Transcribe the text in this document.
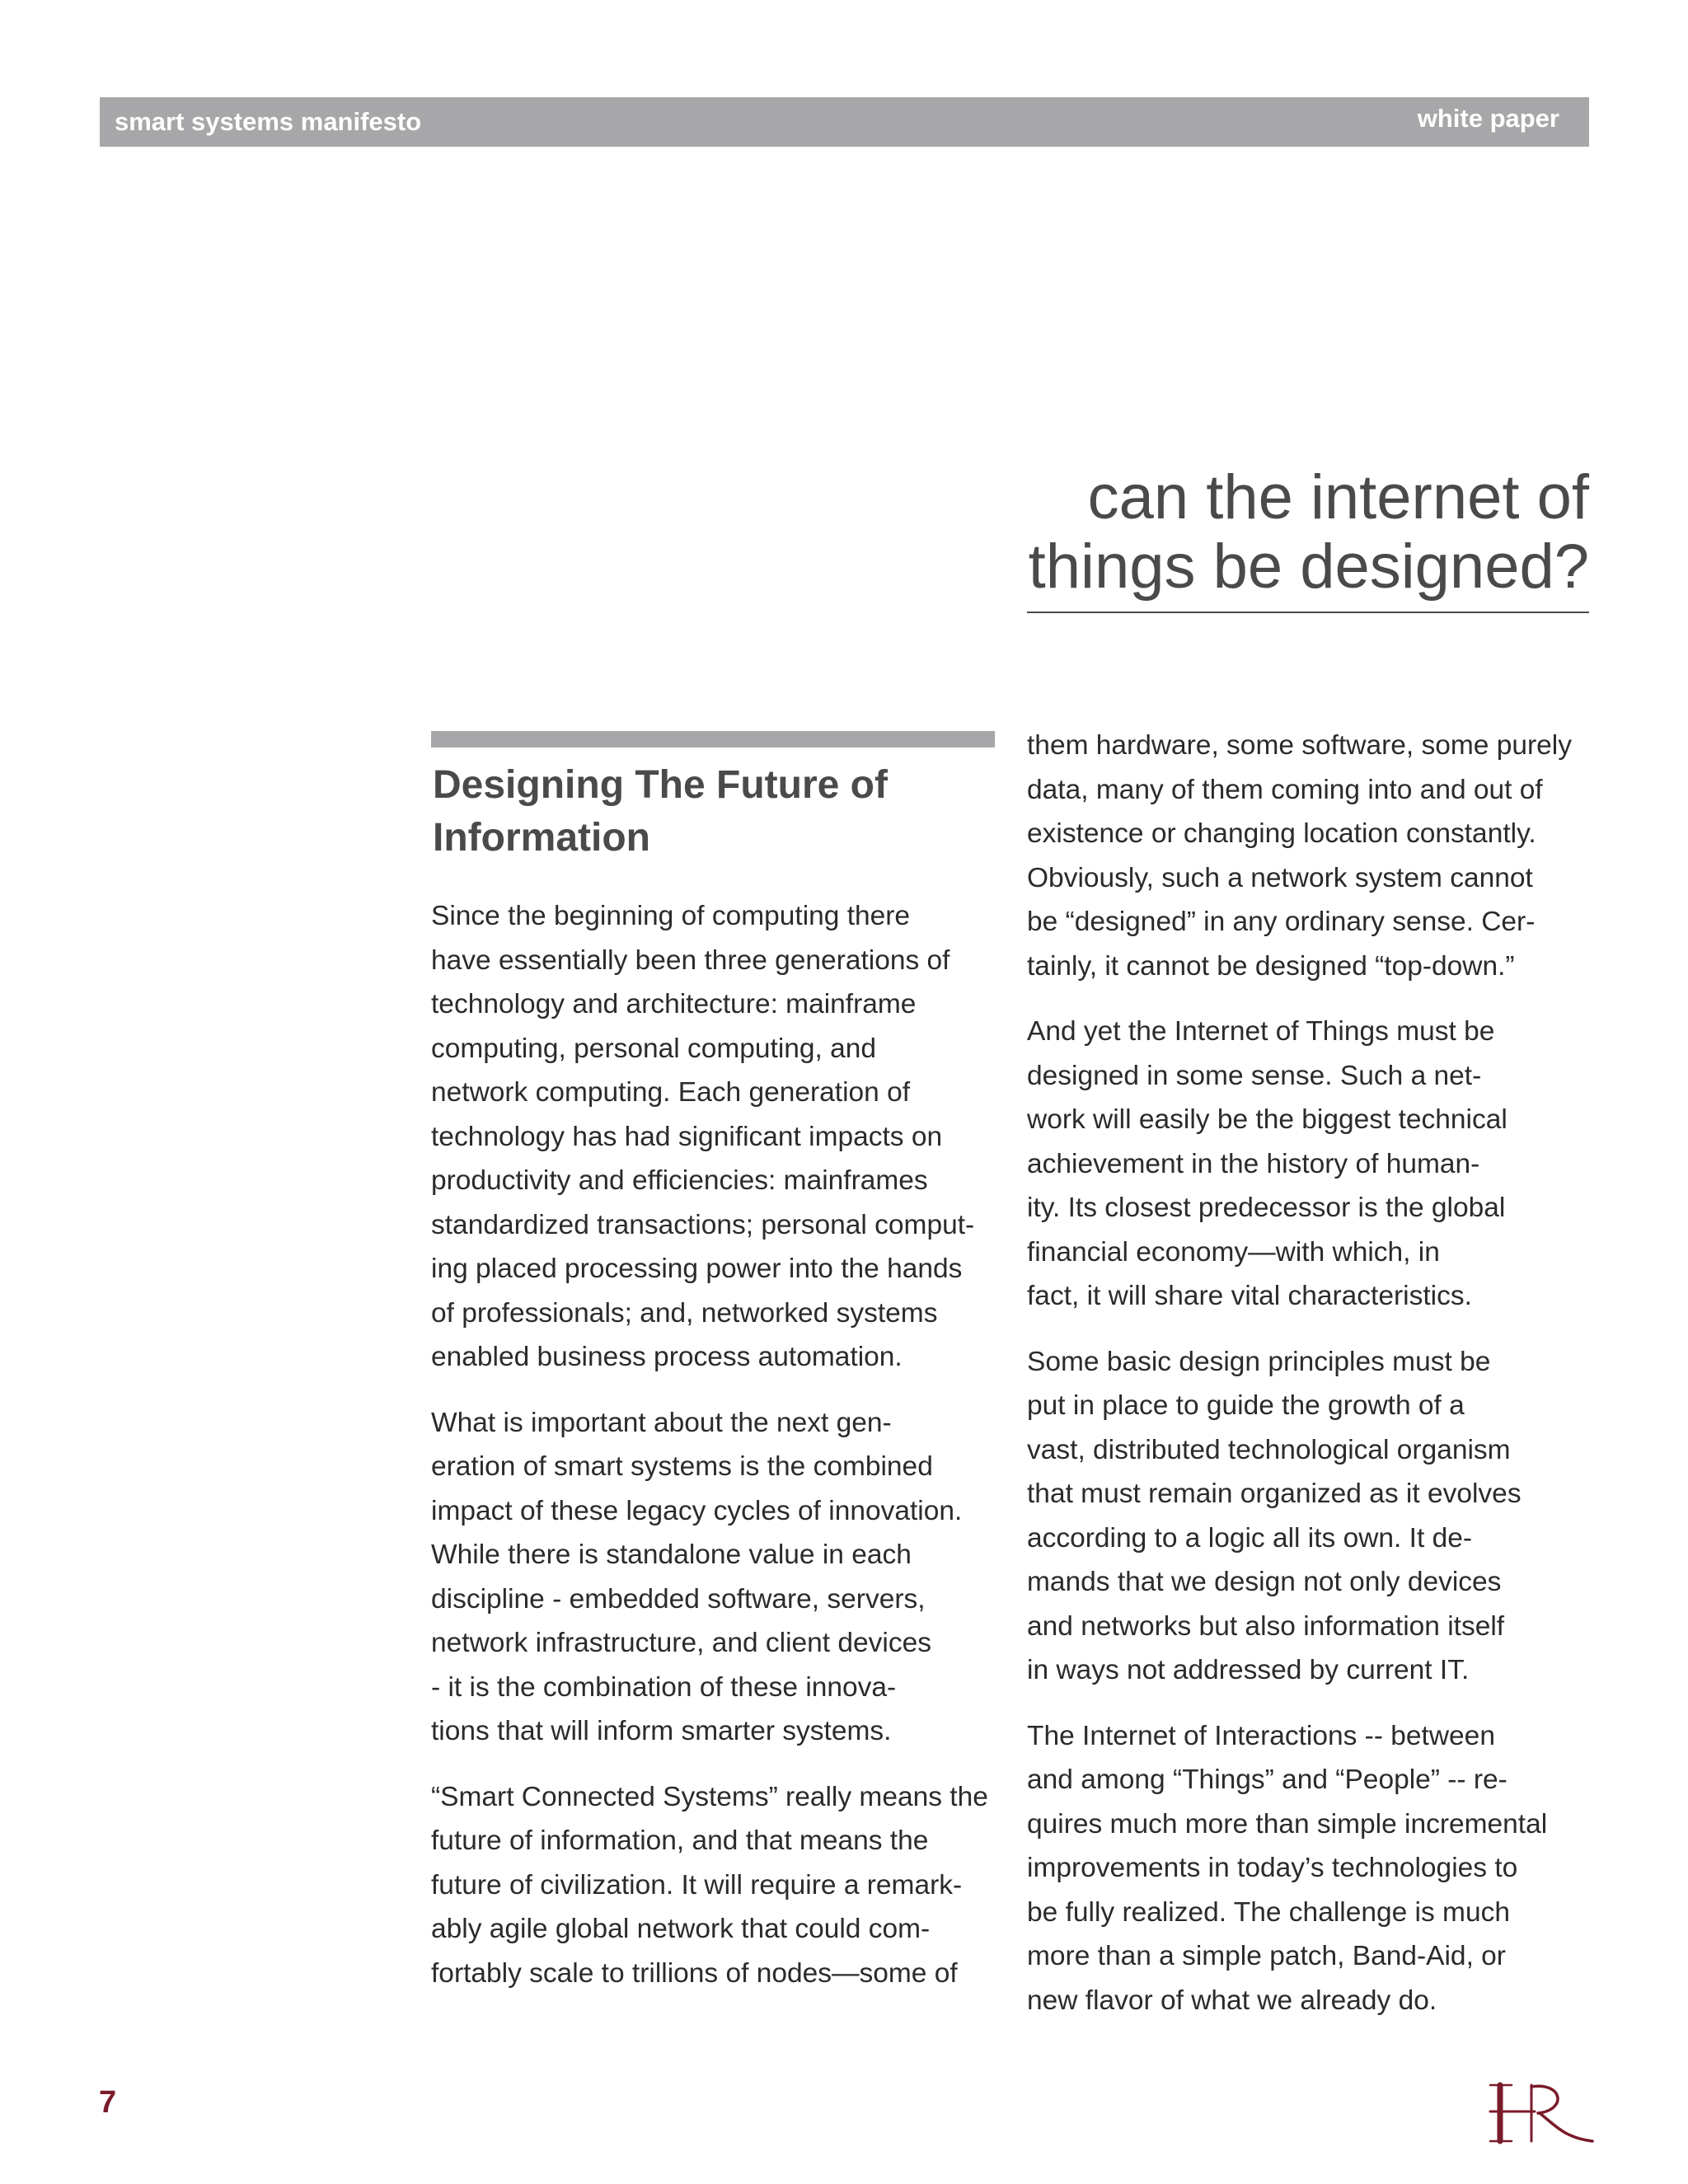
smart systems manifesto	white paper
can the internet of
things be designed?
Designing The Future of
Information

Since the beginning of computing there
have essentially been three generations of
technology and architecture: mainframe
computing, personal computing, and
network computing. Each generation of
technology has had significant impacts on
productivity and efficiencies: mainframes
standardized transactions; personal comput-
ing placed processing power into the hands
of professionals; and, networked systems
enabled business process automation.

What is important about the next gen-
eration of smart systems is the combined
impact of these legacy cycles of innovation.
While there is standalone value in each
discipline - embedded software, servers,
network infrastructure, and client devices
- it is the combination of these innova-
tions that will inform smarter systems.

“Smart Connected Systems” really means the
future of information, and that means the
future of civilization. It will require a remark-
ably agile global network that could com-
fortably scale to trillions of nodes—some of

them hardware, some software, some purely
data, many of them coming into and out of
existence or changing location constantly.
Obviously, such a network system cannot
be “designed” in any ordinary sense. Cer-
tainly, it cannot be designed “top-down.”

And yet the Internet of Things must be
designed in some sense. Such a net-
work will easily be the biggest technical
achievement in the history of human-
ity. Its closest predecessor is the global
financial economy—with which, in
fact, it will share vital characteristics.

Some basic design principles must be
put in place to guide the growth of a
vast, distributed technological organism
that must remain organized as it evolves
according to a logic all its own. It de-
mands that we design not only devices
and networks but also information itself
in ways not addressed by current IT.

The Internet of Interactions -- between
and among “Things” and “People” -- re-
quires much more than simple incremental
improvements in today’s technologies to
be fully realized. The challenge is much
more than a simple patch, Band-Aid, or
new flavor of what we already do.

7
